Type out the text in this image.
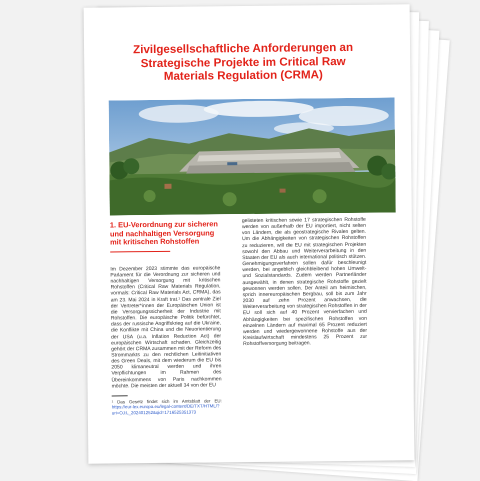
Zivilgesellschaftliche Anforderungen an Strategische Projekte im Critical Raw Materials Regulation (CRMA)
1. EU-Verordnung zur sicheren und nachhaltigen Versorgung mit kritischen Rohstoffen

Im Dezember 2023 stimmte das europäische Parlament für die Verordnung zur sicheren und nachhaltigen Versorgung mit kritischen Rohstoffen (Critical Raw Materials Regulation, vormals: Critical Raw Materials Act, CRMA), das am 23. Mai 2024 in Kraft trat.¹ Das zentrale Ziel der Vertreter*innen der Europäischen Union ist die Versorgungssicherheit der Industrie mit Rohstoffen. Die europäische Politik befürchtet, dass der russische Angriffskrieg auf die Ukraine, die Konflikte mit China und die Neuorientierung der USA (u.a. Inflation Reduction Act) der europäischen Wirtschaft schaden. Gleichzeitig gehört der CRMA zusammen mit der Reform des Strommarkts zu den rechtlichen Leitinitiativen des Green Deals, mit dem wiederum die EU bis 2050 klimaneutral werden und ihren Verpflichtungen im Rahmen des Übereinkommens von Paris nachkommen möchte. Die meisten der aktuell 34 von der EU

¹ Das Gesetz findet sich im Amtsblatt der EU: https://eur-lex.europa.eu/legal-content/DE/TXT/HTML/?uri=OJ:L_202401252&qid=1716525351373

gelisteten kritischen sowie 17 strategischen Rohstoffe werden von außerhalb der EU importiert, nicht selten von Ländern, die als geostrategische Rivalen gelten. Um die Abhängigkeiten von strategischen Rohstoffen zu reduzieren, will die EU mit strategischen Projekten sowohl den Abbau und Weiterverarbeitung in den Staaten der EU als auch international politisch stützen. Genehmigungsverfahren sollen dafür beschleunigt werden, bei angeblich gleichbleibend hohen Umwelt- und Sozialstandards. Zudem werden Partnerländer ausgewählt, in denen strategische Rohstoffe gezielt gewonnen werden sollen. Der Anteil am heimischen, sprich innereuropäischen Bergbau, soll bis zum Jahr 2030 auf zehn Prozent anwachsen, die Weiterverarbeitung von strategischen Rohstoffen in der EU soll sich auf 40 Prozent vervierfachen und Abhängigkeiten bei spezifischen Rohstoffen von einzelnen Ländern auf maximal 65 Prozent reduziert werden und wiedergewonnene Rohstoffe aus der Kreislaufwirtschaft mindestens 25 Prozent zur Rohstoffversorgung beitragen.
